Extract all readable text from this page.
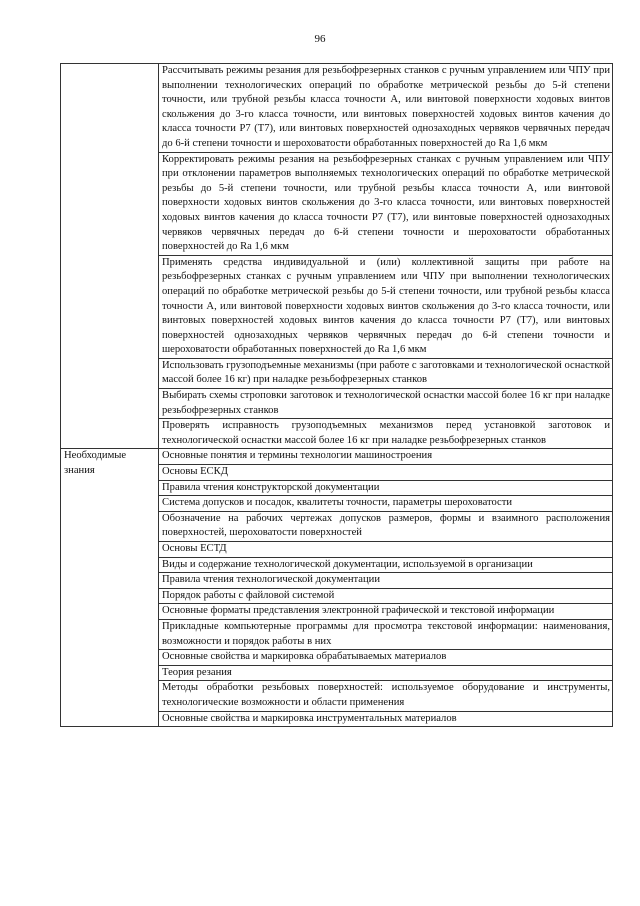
96
	Рассчитывать режимы резания для резьбофрезерных станков с ручным управлением или ЧПУ при выполнении технологических операций по обработке метрической резьбы до 5-й степени точности, или трубной резьбы класса точности А, или винтовой поверхности ходовых винтов скольжения до 3-го класса точности, или винтовых поверхностей ходовых винтов качения до класса точности Р7 (Т7), или винтовых поверхностей однозаходных червяков червячных передач до 6-й степени точности и шероховатости обработанных поверхностей до Ra 1,6 мкм
	Корректировать режимы резания на резьбофрезерных станках с ручным управлением или ЧПУ при отклонении параметров выполняемых технологических операций по обработке метрической резьбы до 5-й степени точности, или трубной резьбы класса точности А, или винтовой поверхности ходовых винтов скольжения до 3-го класса точности, или винтовых поверхностей ходовых винтов качения до класса точности Р7 (Т7), или винтовые поверхностей однозаходных червяков червячных передач до 6-й степени точности и шероховатости обработанных поверхностей до Ra 1,6 мкм
	Применять средства индивидуальной и (или) коллективной защиты при работе на резьбофрезерных станках с ручным управлением или ЧПУ при выполнении технологических операций по обработке метрической резьбы до 5-й степени точности, или трубной резьбы класса точности А, или винтовой поверхности ходовых винтов скольжения до 3-го класса точности, или винтовых поверхностей ходовых винтов качения до класса точности Р7 (Т7), или винтовых поверхностей однозаходных червяков червячных передач до 6-й степени точности и шероховатости обработанных поверхностей до Ra 1,6 мкм
	Использовать грузоподъемные механизмы (при работе с заготовками и технологической оснасткой массой более 16 кг) при наладке резьбофрезерных станков
	Выбирать схемы строповки заготовок и технологической оснастки массой более 16 кг при наладке резьбофрезерных станков
	Проверять исправность грузоподъемных механизмов перед установкой заготовок и технологической оснастки массой более 16 кг при наладке резьбофрезерных станков
Необходимые знания	Основные понятия и термины технологии машиностроения
	Основы ЕСКД
	Правила чтения конструкторской документации
	Система допусков и посадок, квалитеты точности, параметры шероховатости
	Обозначение на рабочих чертежах допусков размеров, формы и взаимного расположения поверхностей, шероховатости поверхностей
	Основы ЕСТД
	Виды и содержание технологической документации, используемой в организации
	Правила чтения технологической документации
	Порядок работы с файловой системой
	Основные форматы представления электронной графической и текстовой информации
	Прикладные компьютерные программы для просмотра текстовой информации: наименования, возможности и порядок работы в них
	Основные свойства и маркировка обрабатываемых материалов
	Теория резания
	Методы обработки резьбовых поверхностей: используемое оборудование и инструменты, технологические возможности и области применения
	Основные свойства и маркировка инструментальных материалов
